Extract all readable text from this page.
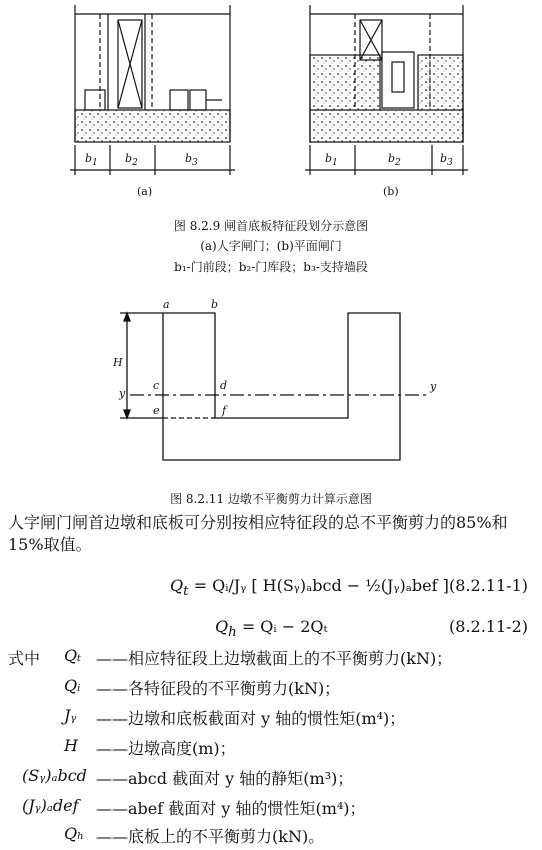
$b_1$ $b_2$	$b_3$	$b_1$	$b_2$	$b_3$
(a)	(b)
图 8.2.9 闸首底板特征段划分示意图
(a)人字闸门；(b)平面闸门
b₁-门前段；b₂-门库段；b₃-支持墙段
a	b
c	d
e	f
H
y
y
图 8.2.11 边墩不平衡剪力计算示意图
人字闸门闸首边墩和底板可分别按相应特征段的总不平衡剪力的85%和15%取值。
$Q_t$ = Qᵢ/Jᵧ [ H(Sᵧ)ₐbcd − ½(Jᵧ)ₐbef ] (8.2.11-1)
$Q_h$ = Qᵢ − 2Qₜ	(8.2.11-2)
式中 Qₜ ——相应特征段上边墩截面上的不平衡剪力(kN)；
Qᵢ ——各特征段的不平衡剪力(kN)；
Jᵧ ——边墩和底板截面对 y 轴的惯性矩(m⁴)；
H ——边墩高度(m)；
(Sᵧ)ₐbcd ——abcd 截面对 y 轴的静矩(m³)；
(Jᵧ)ₐdef ——abef 截面对 y 轴的惯性矩(m⁴)；
Qₕ ——底板上的不平衡剪力(kN)。
